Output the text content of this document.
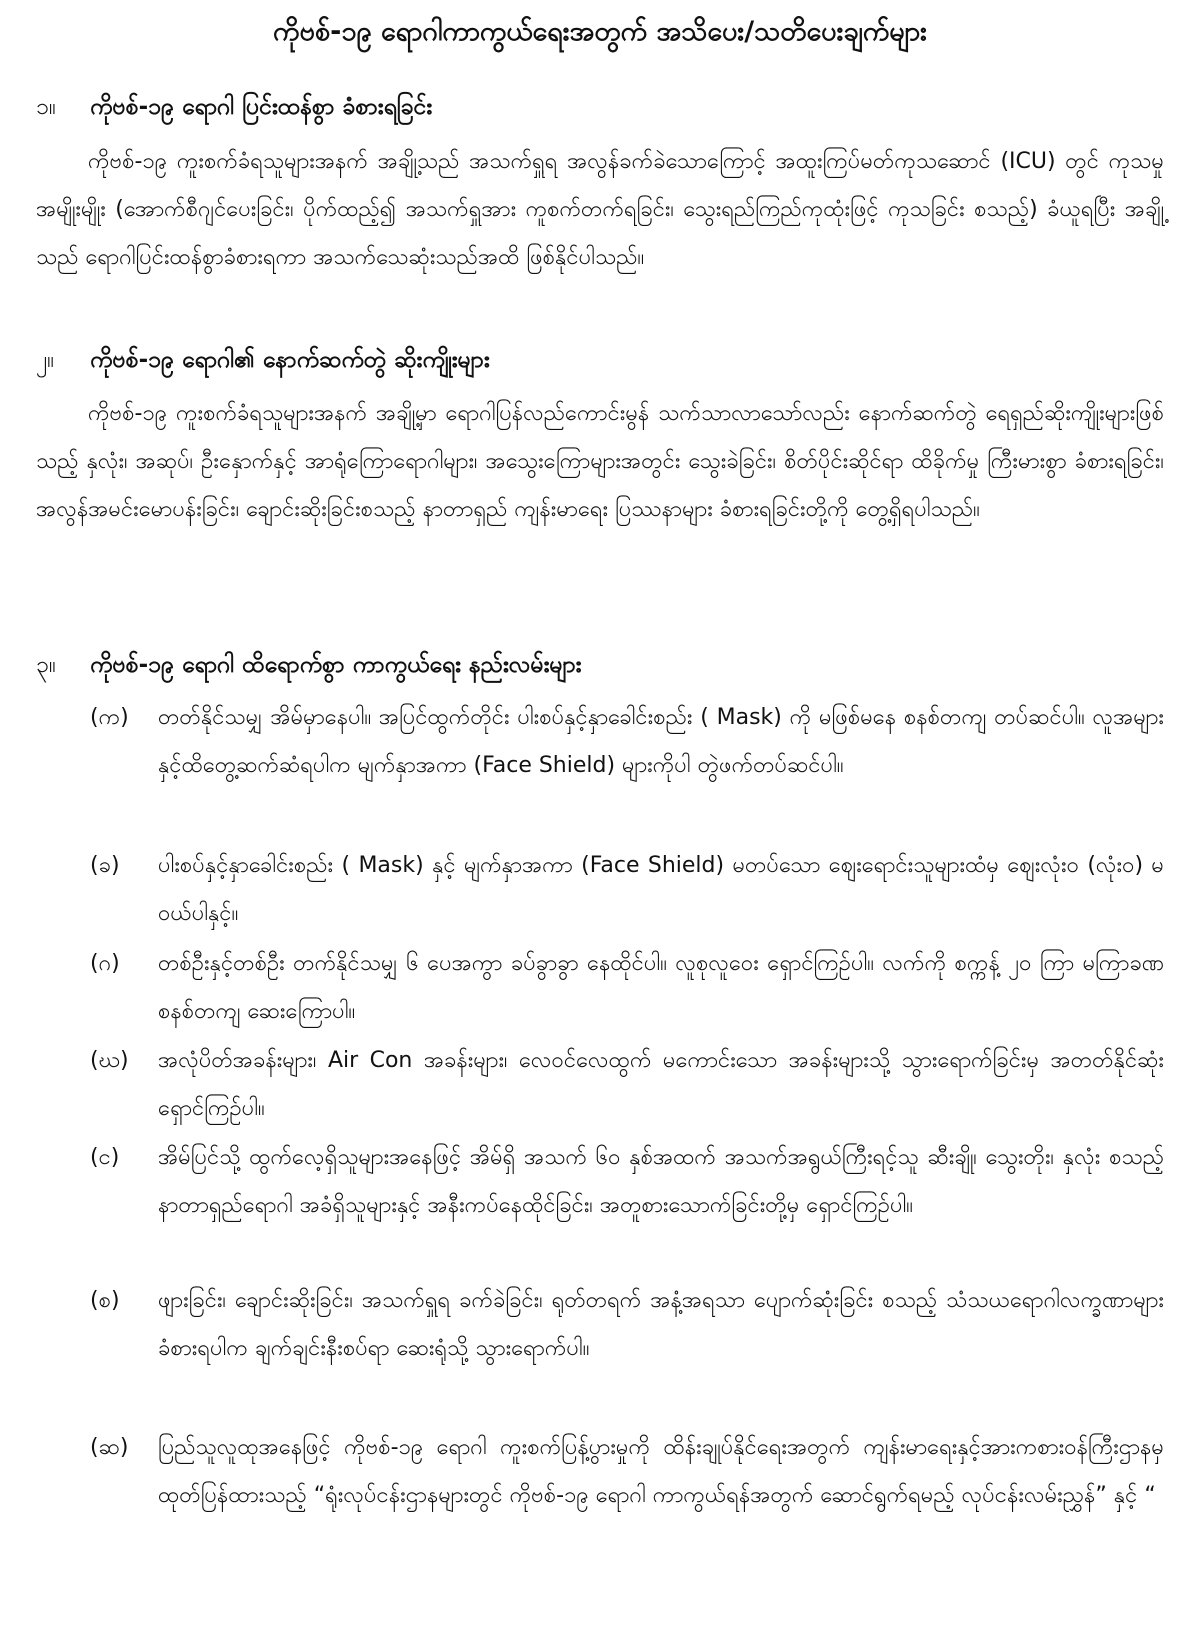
ကိုဗစ်-၁၉ ရောဂါကာကွယ်ရေးအတွက် အသိပေး/သတိပေးချက်များ
၁။	ကိုဗစ်-၁၉ ရောဂါ ပြင်းထန်စွာ ခံစားရခြင်း
ကိုဗစ်-၁၉ ကူးစက်ခံရသူများအနက် အချို့သည် အသက်ရှူရ အလွန်ခက်ခဲသောကြောင့် အထူးကြပ်မတ်ကုသဆောင် (ICU) တွင် ကုသမှုအမျိုးမျိုး (အောက်စီဂျင်ပေးခြင်း၊ ပိုက်ထည့်၍ အသက်ရှူအား ကူစက်တက်ရခြင်း၊ သွေးရည်ကြည်ကုထုံးဖြင့် ကုသခြင်း စသည့်) ခံယူရပြီး အချို့သည် ရောဂါပြင်းထန်စွာခံစားရကာ အသက်သေဆုံးသည်အထိ ဖြစ်နိုင်ပါသည်။
၂။	ကိုဗစ်-၁၉ ရောဂါ၏ နောက်ဆက်တွဲ ဆိုးကျိုးများ
ကိုဗစ်-၁၉ ကူးစက်ခံရသူများအနက် အချို့မှာ ရောဂါပြန်လည်ကောင်းမွန် သက်သာလာသော်လည်း နောက်ဆက်တွဲ ရေရှည်ဆိုးကျိုးများဖြစ်သည့် နှလုံး၊ အဆုပ်၊ ဦးနှောက်နှင့် အာရုံကြောရောဂါများ၊ အသွေးကြောများအတွင်း သွေးခဲခြင်း၊ စိတ်ပိုင်းဆိုင်ရာ ထိခိုက်မှု ကြီးမားစွာ ခံစားရခြင်း၊ အလွန်အမင်းမောပန်းခြင်း၊ ချောင်းဆိုးခြင်းစသည့် နာတာရှည် ကျန်းမာရေး ပြဿနာများ ခံစားရခြင်းတို့ကို တွေ့ရှိရပါသည်။
၃။	ကိုဗစ်-၁၉ ရောဂါ ထိရောက်စွာ ကာကွယ်ရေး နည်းလမ်းများ
(က)	တတ်နိုင်သမျှ အိမ်မှာနေပါ။ အပြင်ထွက်တိုင်း ပါးစပ်နှင့်နှာခေါင်းစည်း ( Mask) ကို မဖြစ်မနေ စနစ်တကျ တပ်ဆင်ပါ။ လူအများနှင့်ထိတွေ့ဆက်ဆံရပါက မျက်နှာအကာ (Face Shield) များကိုပါ တွဲဖက်တပ်ဆင်ပါ။
(ခ)	ပါးစပ်နှင့်နှာခေါင်းစည်း ( Mask) နှင့် မျက်နှာအကာ (Face Shield) မတပ်သော ဈေးရောင်းသူများထံမှ ဈေးလုံးဝ (လုံးဝ) မဝယ်ပါနှင့်။
(ဂ)	တစ်ဦးနှင့်တစ်ဦး တက်နိုင်သမျှ ၆ ပေအကွာ ခပ်ခွာခွာ နေထိုင်ပါ။ လူစုလူဝေး ရှောင်ကြဉ်ပါ။ လက်ကို စက္ကန့် ၂၀ ကြာ မကြာခဏစနစ်တကျ ဆေးကြောပါ။
(ဃ)	အလုံပိတ်အခန်းများ၊ Air Con အခန်းများ၊ လေဝင်လေထွက် မကောင်းသော အခန်းများသို့ သွားရောက်ခြင်းမှ အတတ်နိုင်ဆုံး ရှောင်ကြဉ်ပါ။
(င)	အိမ်ပြင်သို့ ထွက်လေ့ရှိသူများအနေဖြင့် အိမ်ရှိ အသက် ၆၀ နှစ်အထက် အသက်အရွယ်ကြီးရင့်သူ ဆီးချို၊ သွေးတိုး၊ နှလုံး စသည့် နာတာရှည်ရောဂါ အခံရှိသူများနှင့် အနီးကပ်နေထိုင်ခြင်း၊ အတူစားသောက်ခြင်းတို့မှ ရှောင်ကြဉ်ပါ။
(စ)	ဖျားခြင်း၊ ချောင်းဆိုးခြင်း၊ အသက်ရှူရ ခက်ခဲခြင်း၊ ရုတ်တရက် အနံ့အရသာ ပျောက်ဆုံးခြင်း စသည့် သံသယရောဂါလက္ခဏာများ ခံစားရပါက ချက်ချင်းနီးစပ်ရာ ဆေးရုံသို့ သွားရောက်ပါ။
(ဆ)	ပြည်သူလူထုအနေဖြင့် ကိုဗစ်-၁၉ ရောဂါ ကူးစက်ပြန့်ပွားမှုကို ထိန်းချုပ်နိုင်ရေးအတွက် ကျန်းမာရေးနှင့်အားကစားဝန်ကြီးဌာနမှ ထုတ်ပြန်ထားသည့် “ရုံးလုပ်ငန်းဌာနများတွင် ကိုဗစ်-၁၉ ရောဂါ ကာကွယ်ရန်အတွက် ဆောင်ရွက်ရမည့် လုပ်ငန်းလမ်းညွှန်” နှင့် “
